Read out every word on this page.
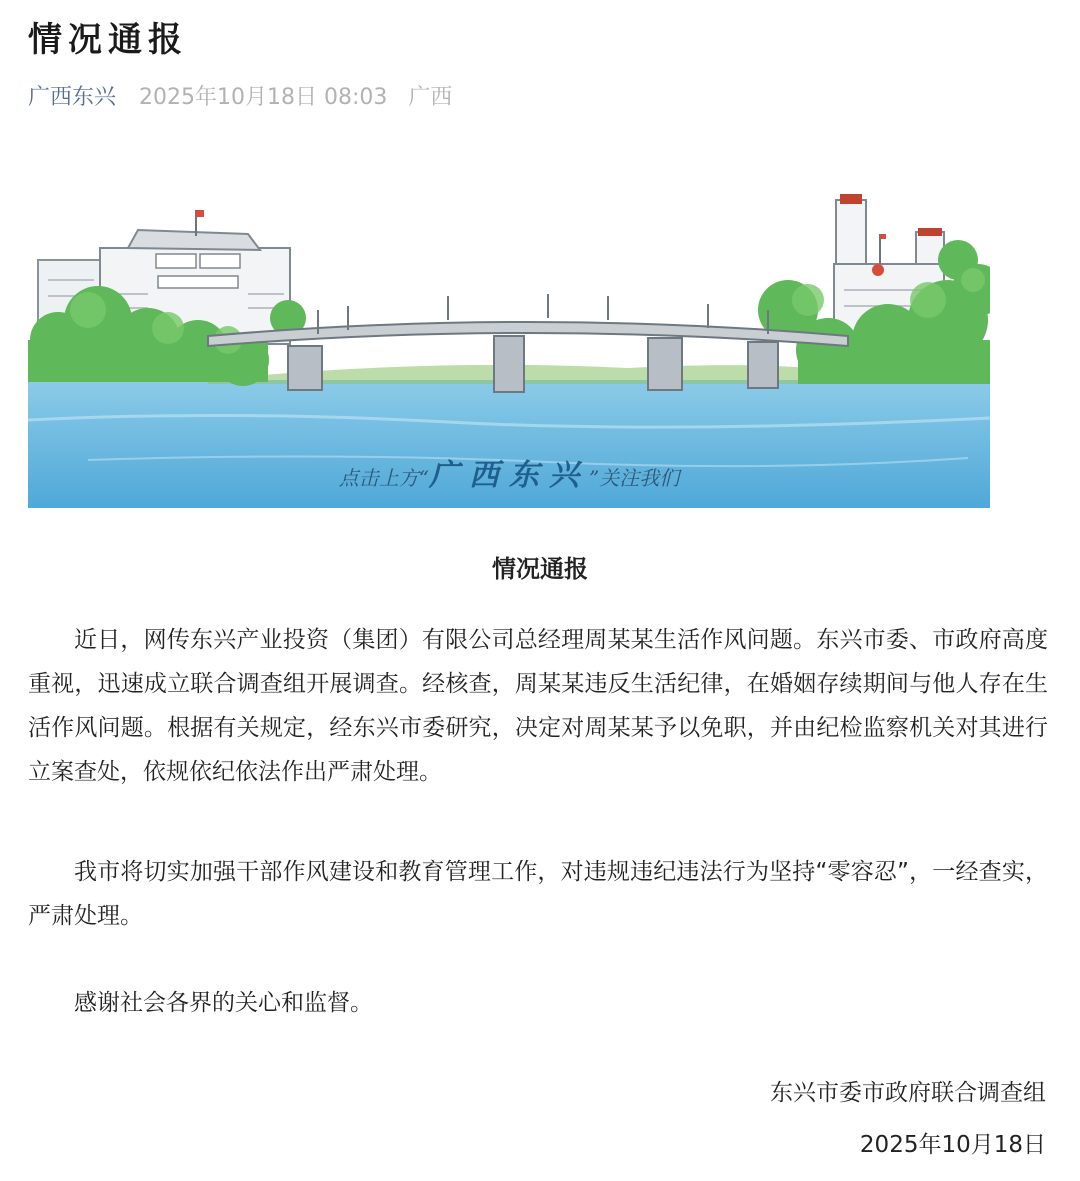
情况通报
广西东兴 2025年10月18日 08:03 广西
点击上方“广西东兴”关注我们
情况通报

近日，网传东兴产业投资（集团）有限公司总经理周某某生活作风问题。东兴市委、市政府高度重视，迅速成立联合调查组开展调查。经核查，周某某违反生活纪律，在婚姻存续期间与他人存在生活作风问题。根据有关规定，经东兴市委研究，决定对周某某予以免职，并由纪检监察机关对其进行立案查处，依规依纪依法作出严肃处理。

我市将切实加强干部作风建设和教育管理工作，对违规违纪违法行为坚持“零容忍”，一经查实，严肃处理。

感谢社会各界的关心和监督。

东兴市委市政府联合调查组
2025年10月18日
